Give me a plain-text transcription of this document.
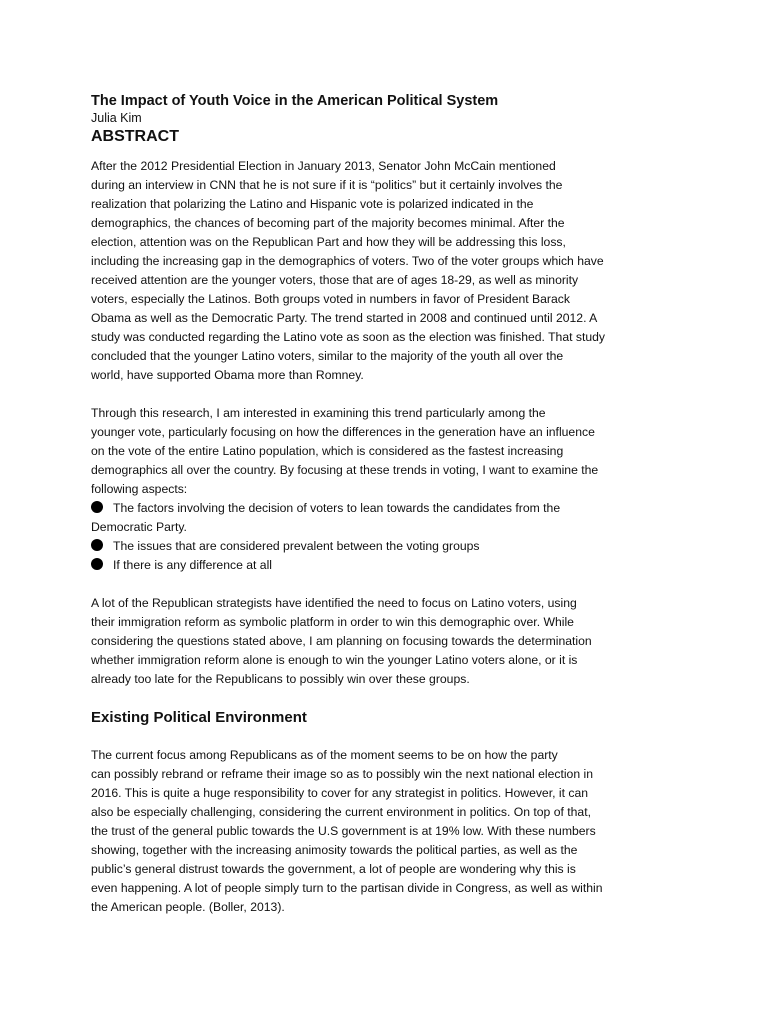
The Impact of Youth Voice in the American Political System
Julia Kim
ABSTRACT
After the 2012 Presidential Election in January 2013, Senator John McCain mentioned
during an interview in CNN that he is not sure if it is “politics” but it certainly involves the
realization that polarizing the Latino and Hispanic vote is polarized indicated in the
demographics, the chances of becoming part of the majority becomes minimal. After the
election, attention was on the Republican Part and how they will be addressing this loss,
including the increasing gap in the demographics of voters. Two of the voter groups which have
received attention are the younger voters, those that are of ages 18-29, as well as minority
voters, especially the Latinos. Both groups voted in numbers in favor of President Barack
Obama as well as the Democratic Party. The trend started in 2008 and continued until 2012. A
study was conducted regarding the Latino vote as soon as the election was finished. That study
concluded that the younger Latino voters, similar to the majority of the youth all over the
world, have supported Obama more than Romney.
Through this research, I am interested in examining this trend particularly among the
younger vote, particularly focusing on how the differences in the generation have an influence
on the vote of the entire Latino population, which is considered as the fastest increasing
demographics all over the country. By focusing at these trends in voting, I want to examine the
following aspects:
The factors involving the decision of voters to lean towards the candidates from the
Democratic Party.
The issues that are considered prevalent between the voting groups
If there is any difference at all
A lot of the Republican strategists have identified the need to focus on Latino voters, using
their immigration reform as symbolic platform in order to win this demographic over. While
considering the questions stated above, I am planning on focusing towards the determination
whether immigration reform alone is enough to win the younger Latino voters alone, or it is
already too late for the Republicans to possibly win over these groups.
Existing Political Environment
The current focus among Republicans as of the moment seems to be on how the party
can possibly rebrand or reframe their image so as to possibly win the next national election in
2016. This is quite a huge responsibility to cover for any strategist in politics. However, it can
also be especially challenging, considering the current environment in politics. On top of that,
the trust of the general public towards the U.S government is at 19% low. With these numbers
showing, together with the increasing animosity towards the political parties, as well as the
public’s general distrust towards the government, a lot of people are wondering why this is
even happening. A lot of people simply turn to the partisan divide in Congress, as well as within
the American people. (Boller, 2013).
